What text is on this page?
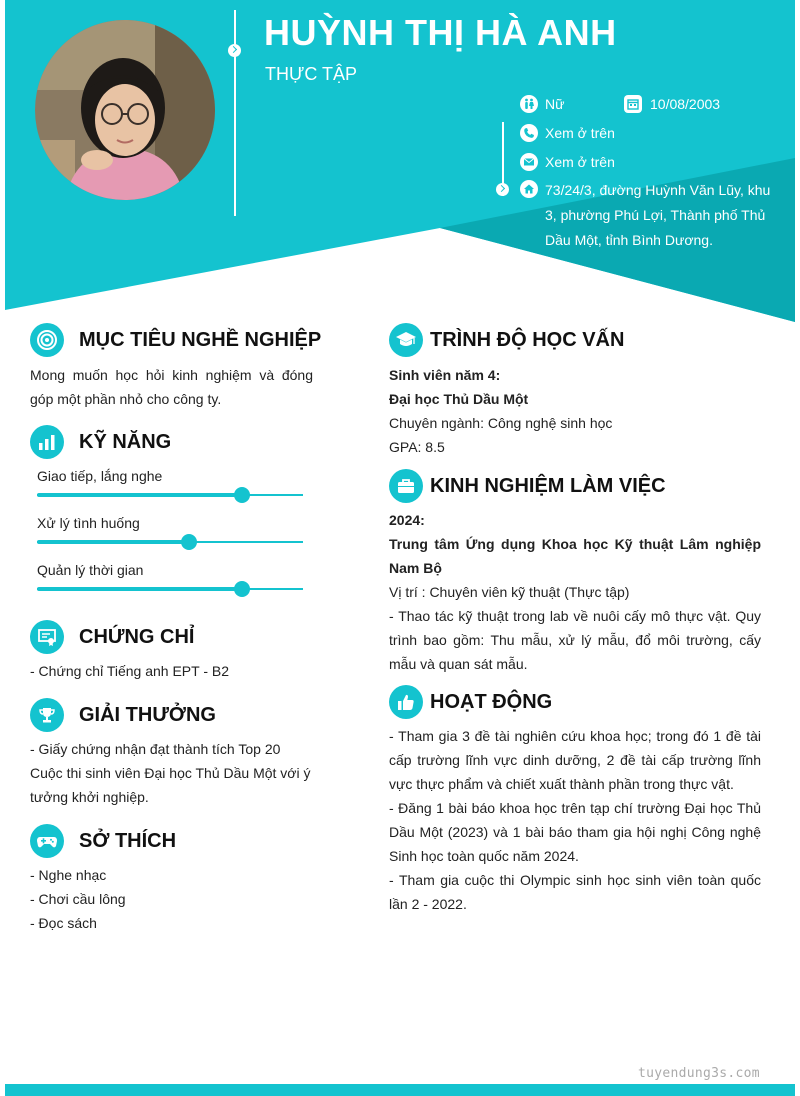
HUỲNH THỊ HÀ ANH
THỰC TẬP
Nữ	10/08/2003
Xem ở trên
Xem ở trên
73/24/3, đường Huỳnh Văn Lũy, khu
3, phường Phú Lợi, Thành phố Thủ
Dầu Một, tỉnh Bình Dương.
MỤC TIÊU NGHỀ NGHIỆP
Mong muốn học hỏi kinh nghiệm và đóng góp một phần nhỏ cho công ty.
KỸ NĂNG
Giao tiếp, lắng nghe
Xử lý tình huống
Quản lý thời gian
CHỨNG CHỈ
- Chứng chỉ Tiếng anh EPT - B2
GIẢI THƯỞNG
- Giấy chứng nhận đạt thành tích Top 20 Cuộc thi sinh viên Đại học Thủ Dầu Một với ý tưởng khởi nghiệp.
SỞ THÍCH
- Nghe nhạc
- Chơi cầu lông
- Đọc sách
TRÌNH ĐỘ HỌC VẤN
Sinh viên năm 4:
Đại học Thủ Dầu Một
Chuyên ngành: Công nghệ sinh học
GPA: 8.5
KINH NGHIỆM LÀM VIỆC
2024:
Trung tâm Ứng dụng Khoa học Kỹ thuật Lâm nghiệp Nam Bộ
Vị trí : Chuyên viên kỹ thuật (Thực tập)
- Thao tác kỹ thuật trong lab về nuôi cấy mô thực vật. Quy trình bao gồm: Thu mẫu, xử lý mẫu, đổ môi trường, cấy mẫu và quan sát mẫu.
HOẠT ĐỘNG
- Tham gia 3 đề tài nghiên cứu khoa học; trong đó 1 đề tài cấp trường lĩnh vực dinh dưỡng, 2 đề tài cấp trường lĩnh vực thực phẩm và chiết xuất thành phần trong thực vật.
- Đăng 1 bài báo khoa học trên tạp chí trường Đại học Thủ Dầu Một (2023) và 1 bài báo tham gia hội nghị Công nghệ Sinh học toàn quốc năm 2024.
- Tham gia cuộc thi Olympic sinh học sinh viên toàn quốc lần 2 - 2022.
tuyendung3s.com
